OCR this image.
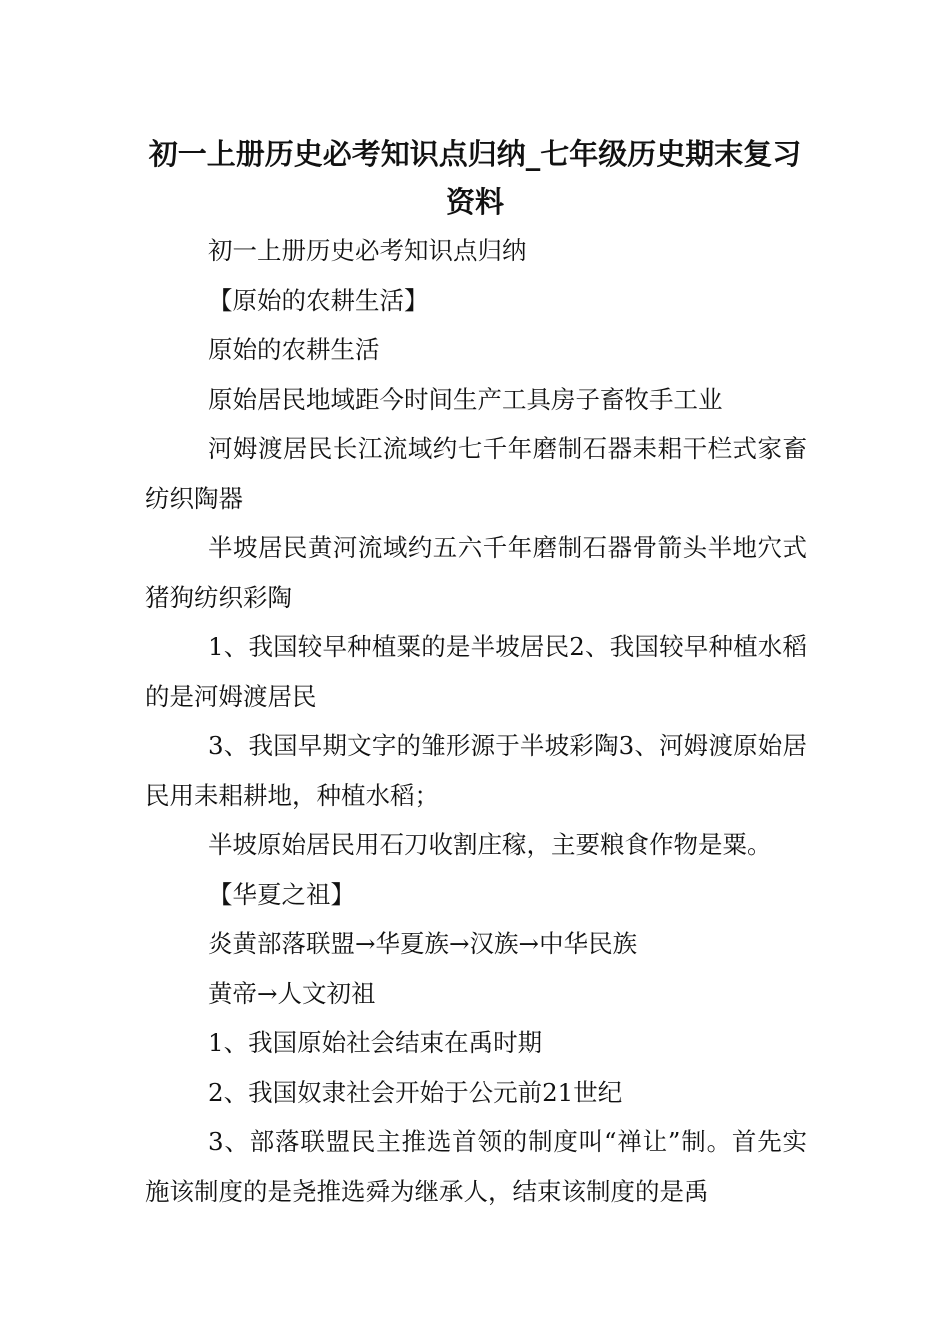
初一上册历史必考知识点归纳_七年级历史期末复习资料

初一上册历史必考知识点归纳

【原始的农耕生活】

原始的农耕生活

原始居民地域距今时间生产工具房子畜牧手工业

河姆渡居民长江流域约七千年磨制石器耒耜干栏式家畜纺织陶器

半坡居民黄河流域约五六千年磨制石器骨箭头半地穴式猪狗纺织彩陶

1、我国较早种植粟的是半坡居民2、我国较早种植水稻的是河姆渡居民

3、我国早期文字的雏形源于半坡彩陶3、河姆渡原始居民用耒耜耕地，种植水稻；

半坡原始居民用石刀收割庄稼，主要粮食作物是粟。

【华夏之祖】

炎黄部落联盟→华夏族→汉族→中华民族

黄帝→人文初祖

1、我国原始社会结束在禹时期

2、我国奴隶社会开始于公元前21世纪

3、部落联盟民主推选首领的制度叫“禅让”制。首先实施该制度的是尧推选舜为继承人，结束该制度的是禹
